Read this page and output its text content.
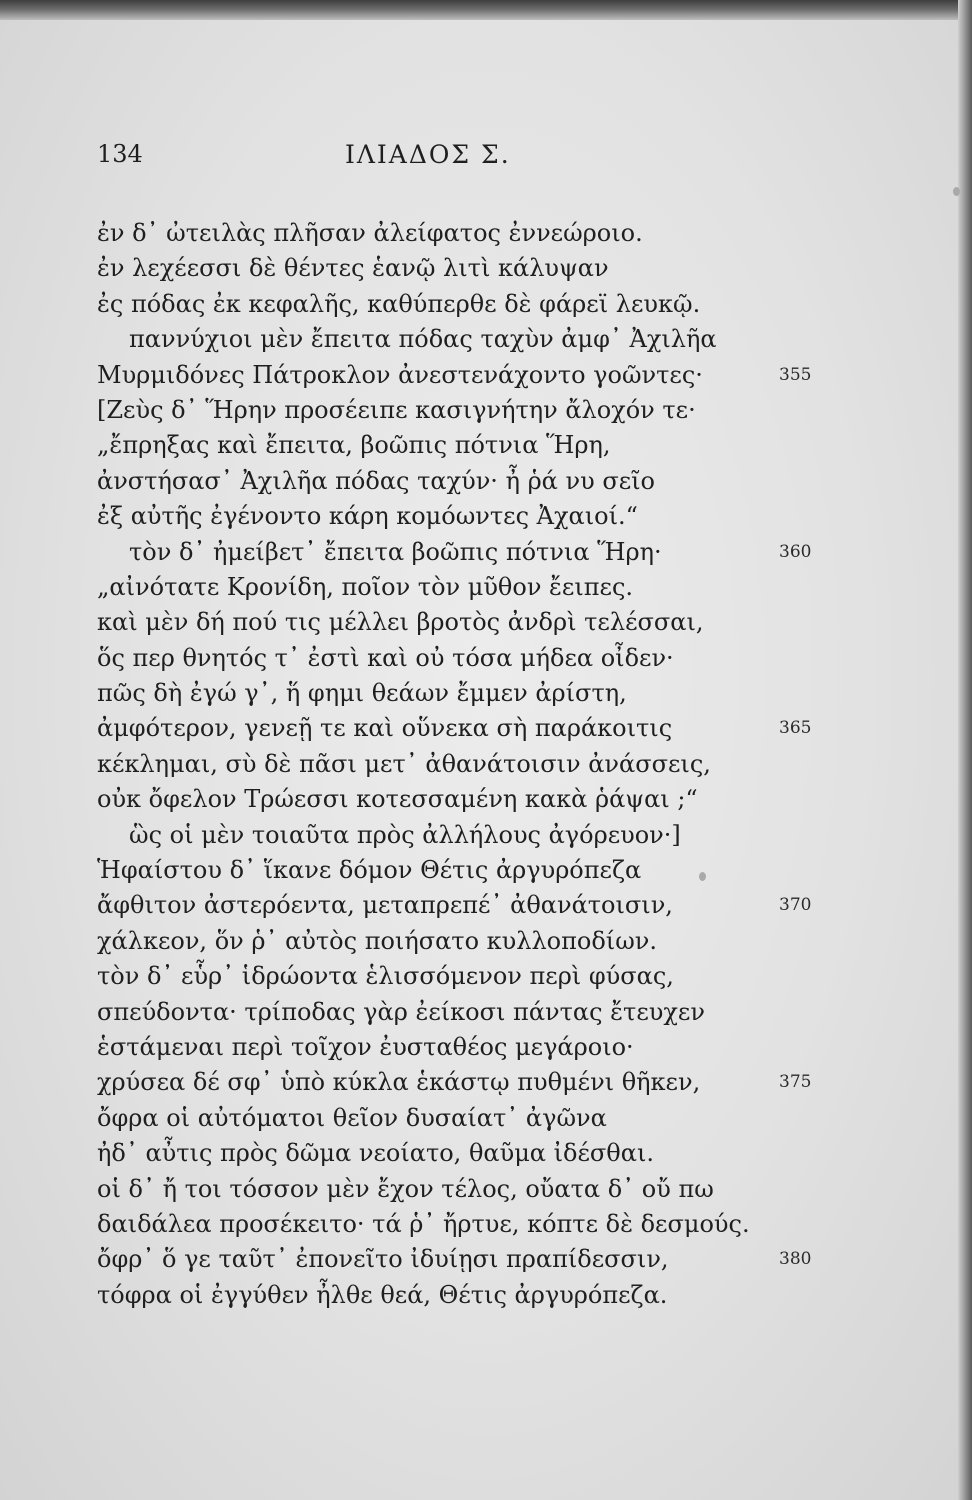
134	ΙΛΙΑΔΟΣ Σ.
ἐν δ᾽ ὠτειλὰς πλῆσαν ἀλείφατος ἐννεώροιο.
ἐν λεχέεσσι δὲ θέντες ἑανῷ λιτὶ κάλυψαν
ἐς πόδας ἐκ κεφαλῆς, καθύπερθε δὲ φάρεϊ λευκῷ.
παννύχιοι μὲν ἔπειτα πόδας ταχὺν ἀμφ᾽ Ἀχιλῆα
Μυρμιδόνες Πάτροκλον ἀνεστενάχοντο γοῶντες·	355
[Ζεὺς δ᾽ Ἥρην προσέειπε κασιγνήτην ἄλοχόν τε·
„ἔπρηξας καὶ ἔπειτα, βοῶπις πότνια Ἥρη,
ἀνστήσασ᾽ Ἀχιλῆα πόδας ταχύν· ἦ ῥά νυ σεῖο
ἐξ αὐτῆς ἐγένοντο κάρη κομόωντες Ἀχαιοί.“
τὸν δ᾽ ἠμείβετ᾽ ἔπειτα βοῶπις πότνια Ἥρη·	360
„αἰνότατε Κρονίδη, ποῖον τὸν μῦθον ἔειπες.
καὶ μὲν δή πού τις μέλλει βροτὸς ἀνδρὶ τελέσσαι,
ὅς περ θνητός τ᾽ ἐστὶ καὶ οὐ τόσα μήδεα οἶδεν·
πῶς δὴ ἐγώ γ᾽, ἥ φημι θεάων ἔμμεν ἀρίστη,
ἀμφότερον, γενεῇ τε καὶ οὕνεκα σὴ παράκοιτις	365
κέκλημαι, σὺ δὲ πᾶσι μετ᾽ ἀθανάτοισιν ἀνάσσεις,
οὐκ ὄφελον Τρώεσσι κοτεσσαμένη κακὰ ῥάψαι ;“
ὣς οἱ μὲν τοιαῦτα πρὸς ἀλλήλους ἀγόρευον·]
Ἡφαίστου δ᾽ ἵκανε δόμον Θέτις ἀργυρόπεζα
ἄφθιτον ἀστερόεντα, μεταπρεπέ᾽ ἀθανάτοισιν,	370
χάλκεον, ὅν ῥ᾽ αὐτὸς ποιήσατο κυλλοποδίων.
τὸν δ᾽ εὗρ᾽ ἱδρώοντα ἑλισσόμενον περὶ φύσας,
σπεύδοντα· τρίποδας γὰρ ἐείκοσι πάντας ἔτευχεν
ἑστάμεναι περὶ τοῖχον ἐυσταθέος μεγάροιο·
χρύσεα δέ σφ᾽ ὑπὸ κύκλα ἑκάστῳ πυθμένι θῆκεν,	375
ὄφρα οἱ αὐτόματοι θεῖον δυσαίατ᾽ ἀγῶνα
ἠδ᾽ αὖτις πρὸς δῶμα νεοίατο, θαῦμα ἰδέσθαι.
οἱ δ᾽ ἤ τοι τόσσον μὲν ἔχον τέλος, οὔατα δ᾽ οὔ πω
δαιδάλεα προσέκειτο· τά ῥ᾽ ἤρτυε, κόπτε δὲ δεσμούς.
ὄφρ᾽ ὅ γε ταῦτ᾽ ἐπονεῖτο ἰδυίῃσι πραπίδεσσιν,	380
τόφρα οἱ ἐγγύθεν ἦλθε θεά, Θέτις ἀργυρόπεζα.
